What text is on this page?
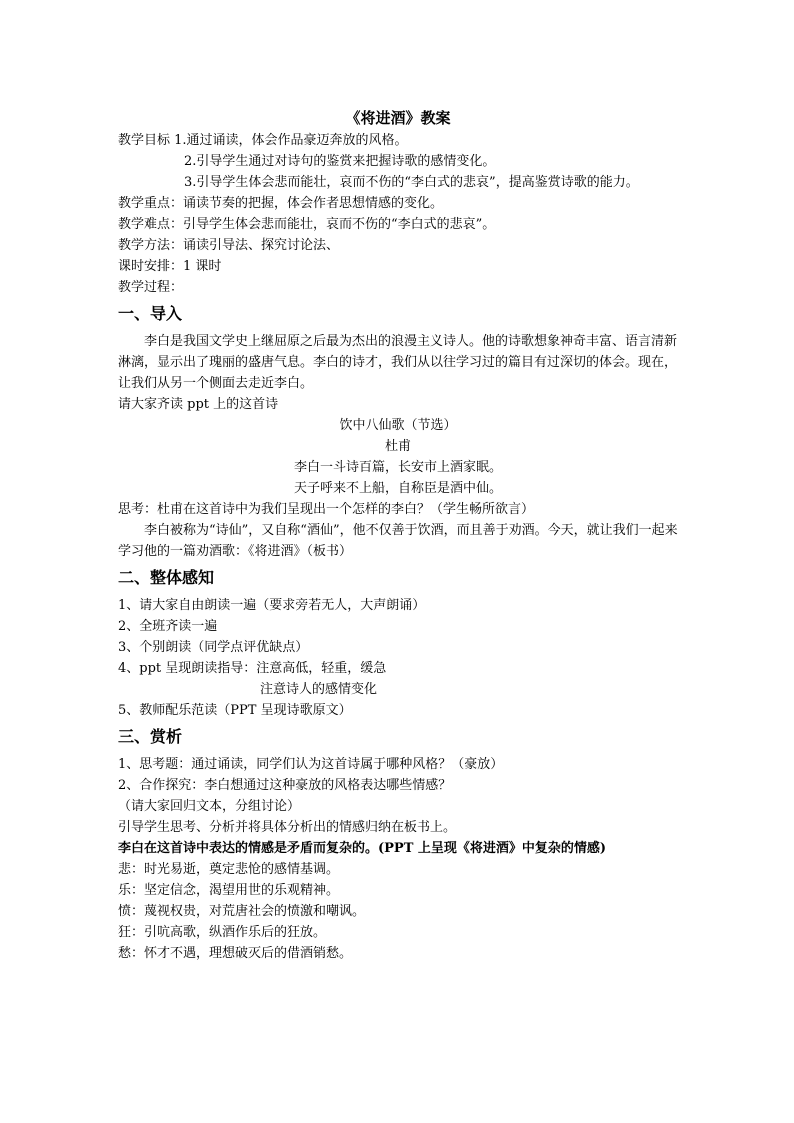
《将进酒》教案
教学目标 1.通过诵读，体会作品豪迈奔放的风格。
2.引导学生通过对诗句的鉴赏来把握诗歌的感情变化。
3.引导学生体会悲而能壮，哀而不伤的“李白式的悲哀”，提高鉴赏诗歌的能力。
教学重点：诵读节奏的把握，体会作者思想情感的变化。
教学难点：引导学生体会悲而能壮，哀而不伤的“李白式的悲哀”。
教学方法：诵读引导法、探究讨论法、
课时安排：1 课时
教学过程：
一、导入
李白是我国文学史上继屈原之后最为杰出的浪漫主义诗人。他的诗歌想象神奇丰富、语言清新淋漓，显示出了瑰丽的盛唐气息。李白的诗才，我们从以往学习过的篇目有过深切的体会。现在，让我们从另一个侧面去走近李白。
请大家齐读 ppt 上的这首诗
饮中八仙歌（节选）
杜甫
李白一斗诗百篇，长安市上酒家眠。
天子呼来不上船，自称臣是酒中仙。
思考：杜甫在这首诗中为我们呈现出一个怎样的李白？（学生畅所欲言）
李白被称为“诗仙”，又自称“酒仙”，他不仅善于饮酒，而且善于劝酒。今天，就让我们一起来学习他的一篇劝酒歌：《将进酒》（板书）
二、整体感知
1、请大家自由朗读一遍（要求旁若无人，大声朗诵）
2、全班齐读一遍
3、个别朗读（同学点评优缺点）
4、ppt 呈现朗读指导：注意高低，轻重，缓急
注意诗人的感情变化
5、教师配乐范读（PPT 呈现诗歌原文）
三、赏析
1、思考题：通过诵读，同学们认为这首诗属于哪种风格？（豪放）
2、合作探究：李白想通过这种豪放的风格表达哪些情感？
（请大家回归文本，分组讨论）
引导学生思考、分析并将具体分析出的情感归纳在板书上。
李白在这首诗中表达的情感是矛盾而复杂的。(PPT 上呈现《将进酒》中复杂的情感)
悲：时光易逝，奠定悲怆的感情基调。
乐：坚定信念，渴望用世的乐观精神。
愤：蔑视权贵，对荒唐社会的愤激和嘲讽。
狂：引吭高歌，纵酒作乐后的狂放。
愁：怀才不遇，理想破灭后的借酒销愁。
